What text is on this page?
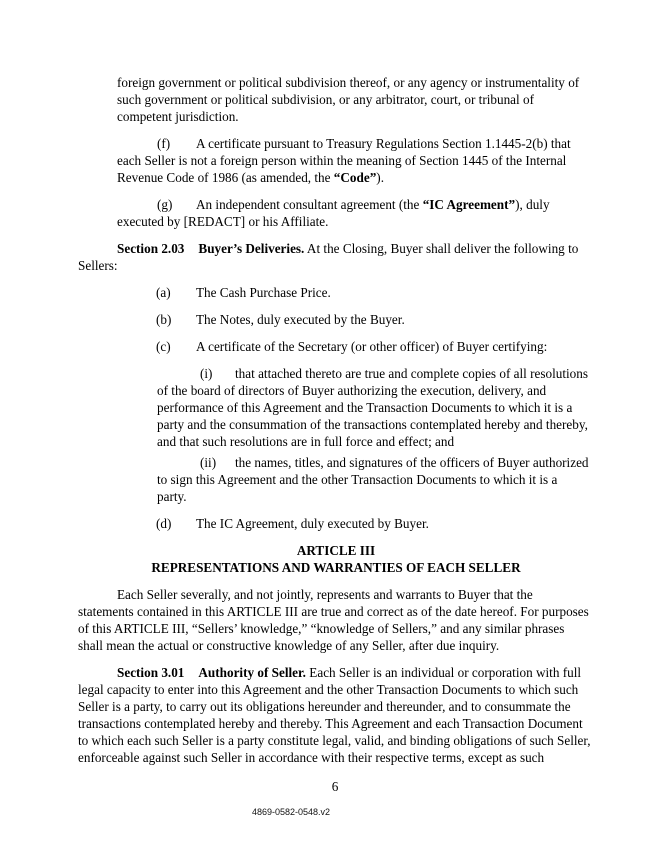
foreign government or political subdivision thereof, or any agency or instrumentality of
such government or political subdivision, or any arbitrator, court, or tribunal of
competent jurisdiction.

(f) A certificate pursuant to Treasury Regulations Section 1.1445-2(b) that
each Seller is not a foreign person within the meaning of Section 1445 of the Internal
Revenue Code of 1986 (as amended, the “Code”).

(g) An independent consultant agreement (the “IC Agreement”), duly
executed by [REDACT] or his Affiliate.

Section 2.03 Buyer’s Deliveries. At the Closing, Buyer shall deliver the following to
Sellers:

(a) The Cash Purchase Price.

(b) The Notes, duly executed by the Buyer.

(c) A certificate of the Secretary (or other officer) of Buyer certifying:

(i) that attached thereto are true and complete copies of all resolutions
of the board of directors of Buyer authorizing the execution, delivery, and
performance of this Agreement and the Transaction Documents to which it is a
party and the consummation of the transactions contemplated hereby and thereby,
and that such resolutions are in full force and effect; and

(ii) the names, titles, and signatures of the officers of Buyer authorized
to sign this Agreement and the other Transaction Documents to which it is a
party.

(d) The IC Agreement, duly executed by Buyer.

ARTICLE III

REPRESENTATIONS AND WARRANTIES OF EACH SELLER

Each Seller severally, and not jointly, represents and warrants to Buyer that the
statements contained in this ARTICLE III are true and correct as of the date hereof. For purposes
of this ARTICLE III, “Sellers’ knowledge,” “knowledge of Sellers,” and any similar phrases
shall mean the actual or constructive knowledge of any Seller, after due inquiry.

Section 3.01 Authority of Seller. Each Seller is an individual or corporation with full
legal capacity to enter into this Agreement and the other Transaction Documents to which such
Seller is a party, to carry out its obligations hereunder and thereunder, and to consummate the
transactions contemplated hereby and thereby. This Agreement and each Transaction Document
to which each such Seller is a party constitute legal, valid, and binding obligations of such Seller,
enforceable against such Seller in accordance with their respective terms, except as such

6
4869-0582-0548.v2
